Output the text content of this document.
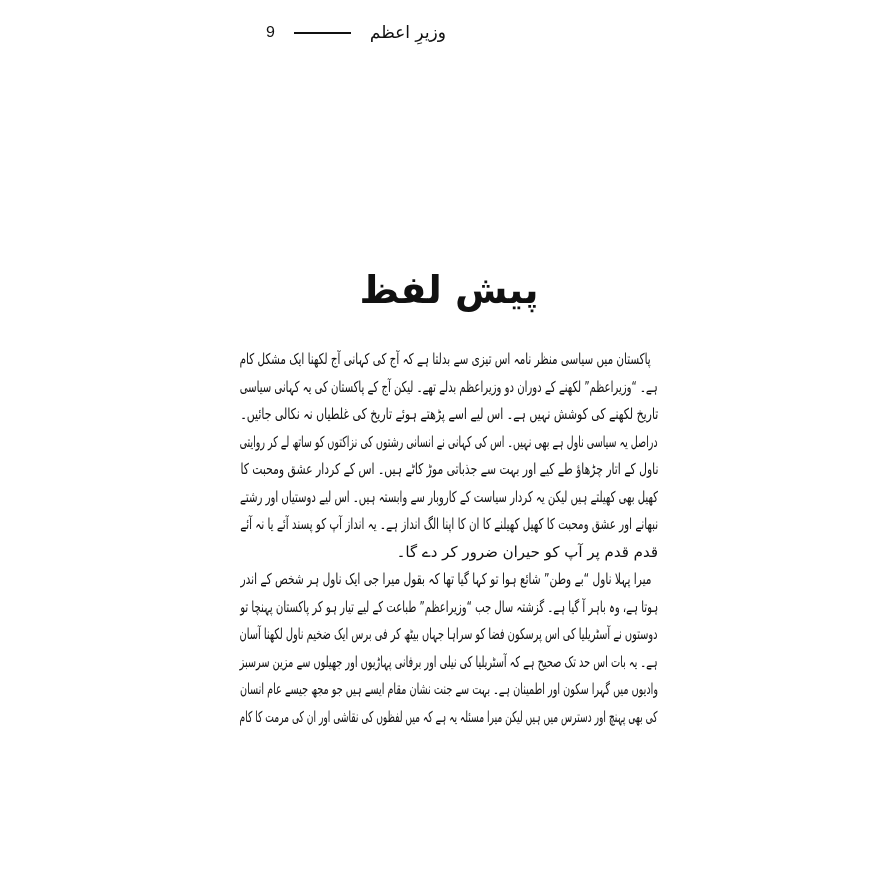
9	وزیرِ اعظم
پیش لفظ
پاکستان میں سیاسی منظر نامہ اس تیزی سے بدلتا ہے کہ آج کی کہانی آج لکھنا ایک مشکل کام
ہے۔ “وزیراعظم” لکھنے کے دوران دو وزیراعظم بدلے تھے۔ لیکن آج کے پاکستان کی یہ کہانی سیاسی
تاریخ لکھنے کی کوشش نہیں ہے۔ اس لیے اسے پڑھتے ہوئے تاریخ کی غلطیاں نہ نکالی جائیں۔
دراصل یہ سیاسی ناول ہے بھی نہیں۔ اس کی کہانی نے انسانی رشتوں کی نزاکتوں کو ساتھ لے کر روایتی
ناول کے اتار چڑھاؤ طے کیے اور بہت سے جذباتی موڑ کاٹے ہیں۔ اس کے کردار عشق ومحبت کا
کھیل بھی کھیلتے ہیں لیکن یہ کردار سیاست کے کاروبار سے وابستہ ہیں۔ اس لیے دوستیاں اور رشتے
نبھانے اور عشق ومحبت کا کھیل کھیلنے کا ان کا اپنا الگ انداز ہے۔ یہ انداز آپ کو پسند آئے یا نہ آئے
قدم قدم پر آپ کو حیران ضرور کر دے گا۔
میرا پہلا ناول “بے وطن” شائع ہوا تو کہا گیا تھا کہ بقول میرا جی ایک ناول ہر شخص کے اندر
ہوتا ہے، وہ باہر آ گیا ہے۔ گزشتہ سال جب “وزیراعظم” طباعت کے لیے تیار ہو کر پاکستان پہنچا تو
دوستوں نے آسٹریلیا کی اس پرسکون فضا کو سراہا جہاں بیٹھ کر فی برس ایک ضخیم ناول لکھنا آسان
ہے۔ یہ بات اس حد تک صحیح ہے کہ آسٹریلیا کی نیلی اور برفانی پہاڑیوں اور جھیلوں سے مزین سرسبز
وادیوں میں گہرا سکون اور اطمینان ہے۔ بہت سے جنت نشان مقام ایسے ہیں جو مجھ جیسے عام انسان
کی بھی پہنچ اور دسترس میں ہیں لیکن میرا مسئلہ یہ ہے کہ میں لفظوں کی نقاشی اور ان کی مرمت کا کام
